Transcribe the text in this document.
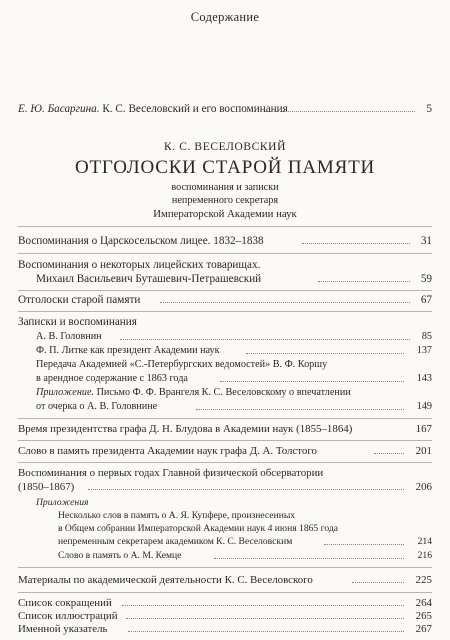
Содержание
Е. Ю. Басаргина. К. С. Веселовский и его воспоминания	5
К. С. ВЕСЕЛОВСКИЙ
ОТГОЛОСКИ СТАРОЙ ПАМЯТИ
воспоминания и записки
непременного секретаря
Императорской Академии наук
Воспоминания о Царскосельском лицее. 1832–1838	31
Воспоминания о некоторых лицейских товарищах.
Михаил Васильевич Буташевич-Петрашевский	59
Отголоски старой памяти	67
Записки и воспоминания
А. В. Головнин	85
Ф. П. Литке как президент Академии наук	137
Передача Академией «С.-Петербургских ведомостей» В. Ф. Коршу
в арендное содержание с 1863 года	143
Приложение. Письмо Ф. Ф. Врангеля К. С. Веселовскому о впечатлении
от очерка о А. В. Головнине	149
Время президентства графа Д. Н. Блудова в Академии наук (1855–1864)	167
Слово в память президента Академии наук графа Д. А. Толстого	201
Воспоминания о первых годах Главной физической обсерватории
(1850–1867)	206
Приложения
Несколько слов в память о А. Я. Купфере, произнесенных
в Общем собрании Императорской Академии наук 4 июня 1865 года
непременным секретарем академиком К. С. Веселовским	214
Слово в память о А. М. Кемце	216
Материалы по академической деятельности К. С. Веселовского	225
Список сокращений	264
Список иллюстраций	265
Именной указатель	267
